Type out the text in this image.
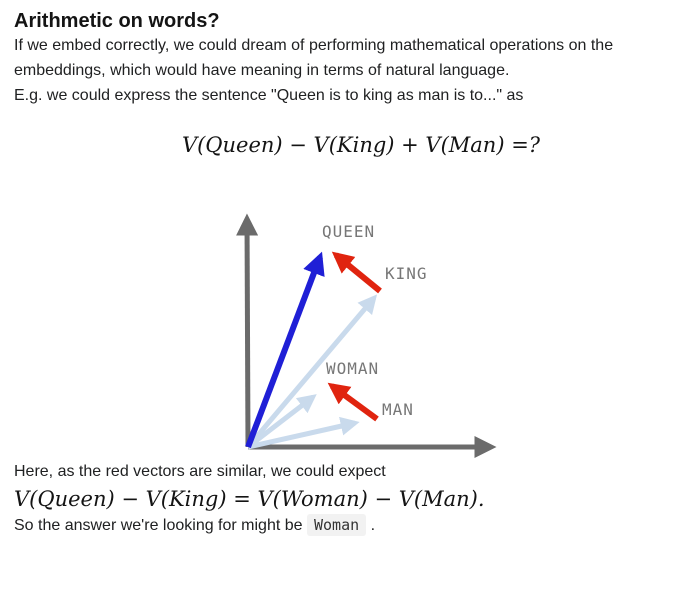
Arithmetic on words?

If we embed correctly, we could dream of performing mathematical operations on the embeddings, which would have meaning in terms of natural language.

E.g. we could express the sentence "Queen is to king as man is to..." as

V(Queen) − V(King) + V(Man) =?
QUEEN
KING
WOMAN
MAN

Here, as the red vectors are similar, we could expect

V(Queen) − V(King) = V(Woman) − V(Man).

So the answer we're looking for might be Woman .
